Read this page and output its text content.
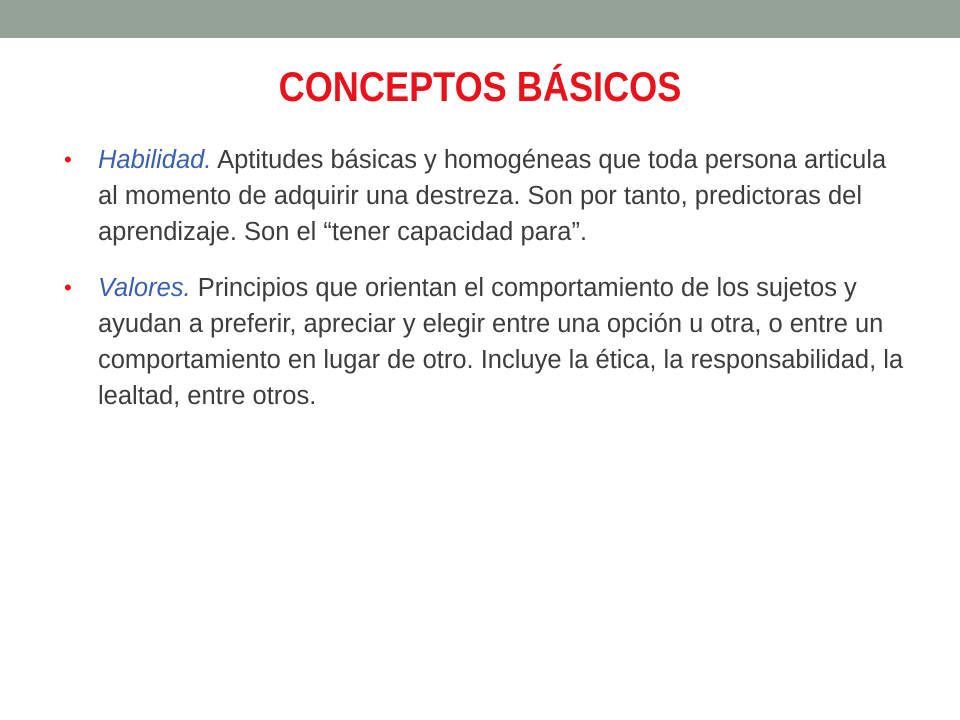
CONCEPTOS BÁSICOS
• Habilidad. Aptitudes básicas y homogéneas que toda persona articula al momento de adquirir una destreza. Son por tanto, predictoras del aprendizaje. Son el “tener capacidad para”.
• Valores. Principios que orientan el comportamiento de los sujetos y ayudan a preferir, apreciar y elegir entre una opción u otra, o entre un comportamiento en lugar de otro. Incluye la ética, la responsabilidad, la lealtad, entre otros.
